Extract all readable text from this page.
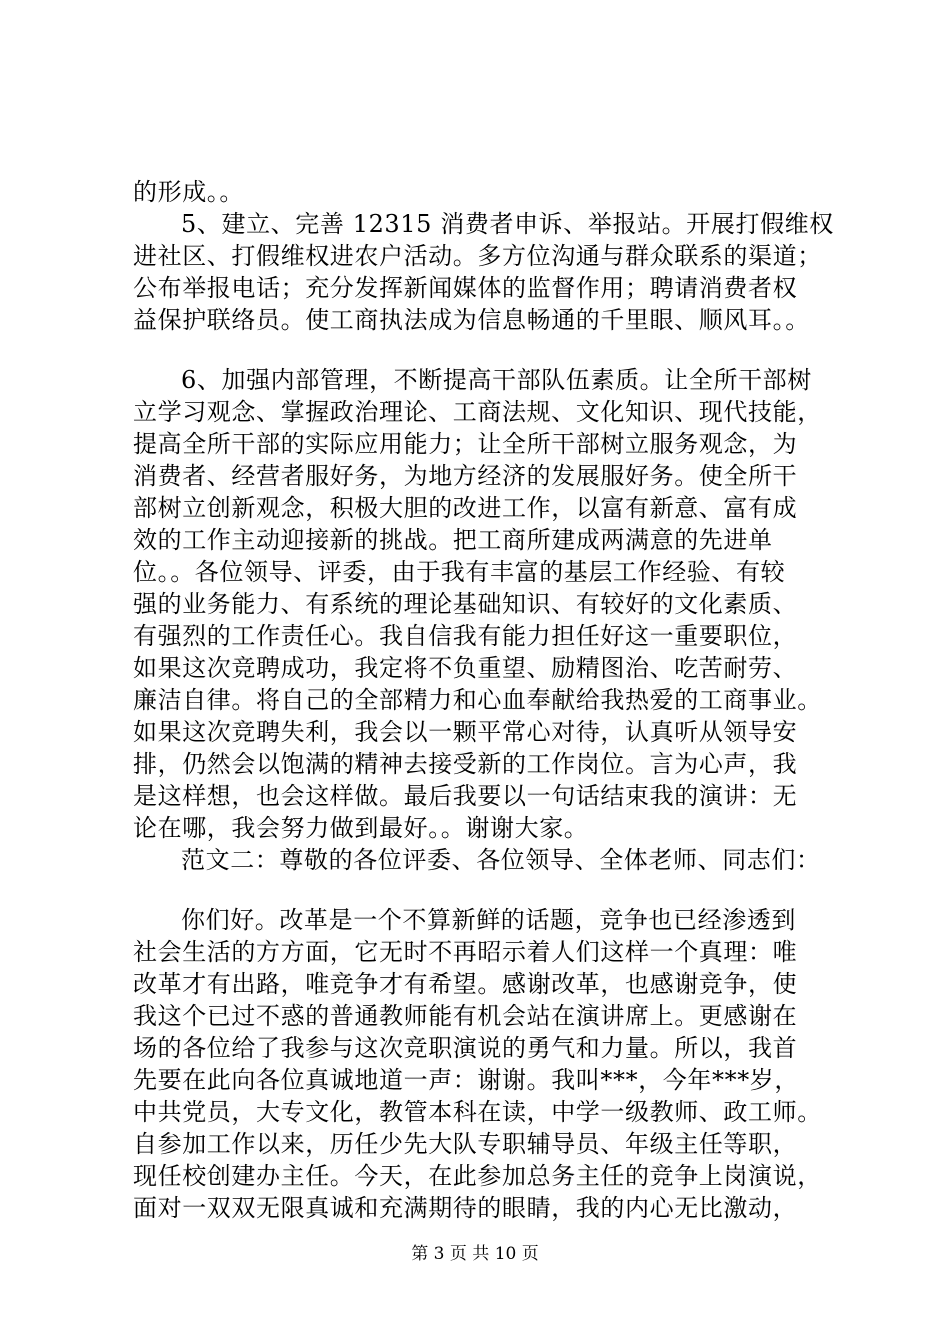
的形成。。
5、建立、完善 12315 消费者申诉、举报站。开展打假维权
进社区、打假维权进农户活动。多方位沟通与群众联系的渠道；
公布举报电话；充分发挥新闻媒体的监督作用；聘请消费者权
益保护联络员。使工商执法成为信息畅通的千里眼、顺风耳。。
6、加强内部管理，不断提高干部队伍素质。让全所干部树
立学习观念、掌握政治理论、工商法规、文化知识、现代技能，
提高全所干部的实际应用能力；让全所干部树立服务观念，为
消费者、经营者服好务，为地方经济的发展服好务。使全所干
部树立创新观念，积极大胆的改进工作，以富有新意、富有成
效的工作主动迎接新的挑战。把工商所建成两满意的先进单
位。。各位领导、评委，由于我有丰富的基层工作经验、有较
强的业务能力、有系统的理论基础知识、有较好的文化素质、
有强烈的工作责任心。我自信我有能力担任好这一重要职位，
如果这次竞聘成功，我定将不负重望、励精图治、吃苦耐劳、
廉洁自律。将自己的全部精力和心血奉献给我热爱的工商事业。
如果这次竞聘失利，我会以一颗平常心对待，认真听从领导安
排，仍然会以饱满的精神去接受新的工作岗位。言为心声，我
是这样想，也会这样做。最后我要以一句话结束我的演讲：无
论在哪，我会努力做到最好。。谢谢大家。
范文二：尊敬的各位评委、各位领导、全体老师、同志们：
你们好。改革是一个不算新鲜的话题，竞争也已经渗透到
社会生活的方方面，它无时不再昭示着人们这样一个真理：唯
改革才有出路，唯竞争才有希望。感谢改革，也感谢竞争，使
我这个已过不惑的普通教师能有机会站在演讲席上。更感谢在
场的各位给了我参与这次竞职演说的勇气和力量。所以，我首
先要在此向各位真诚地道一声：谢谢。我叫***，今年***岁，
中共党员，大专文化，教管本科在读，中学一级教师、政工师。
自参加工作以来，历任少先大队专职辅导员、年级主任等职，
现任校创建办主任。今天，在此参加总务主任的竞争上岗演说，
面对一双双无限真诚和充满期待的眼睛，我的内心无比激动，
第 3 页 共 10 页
